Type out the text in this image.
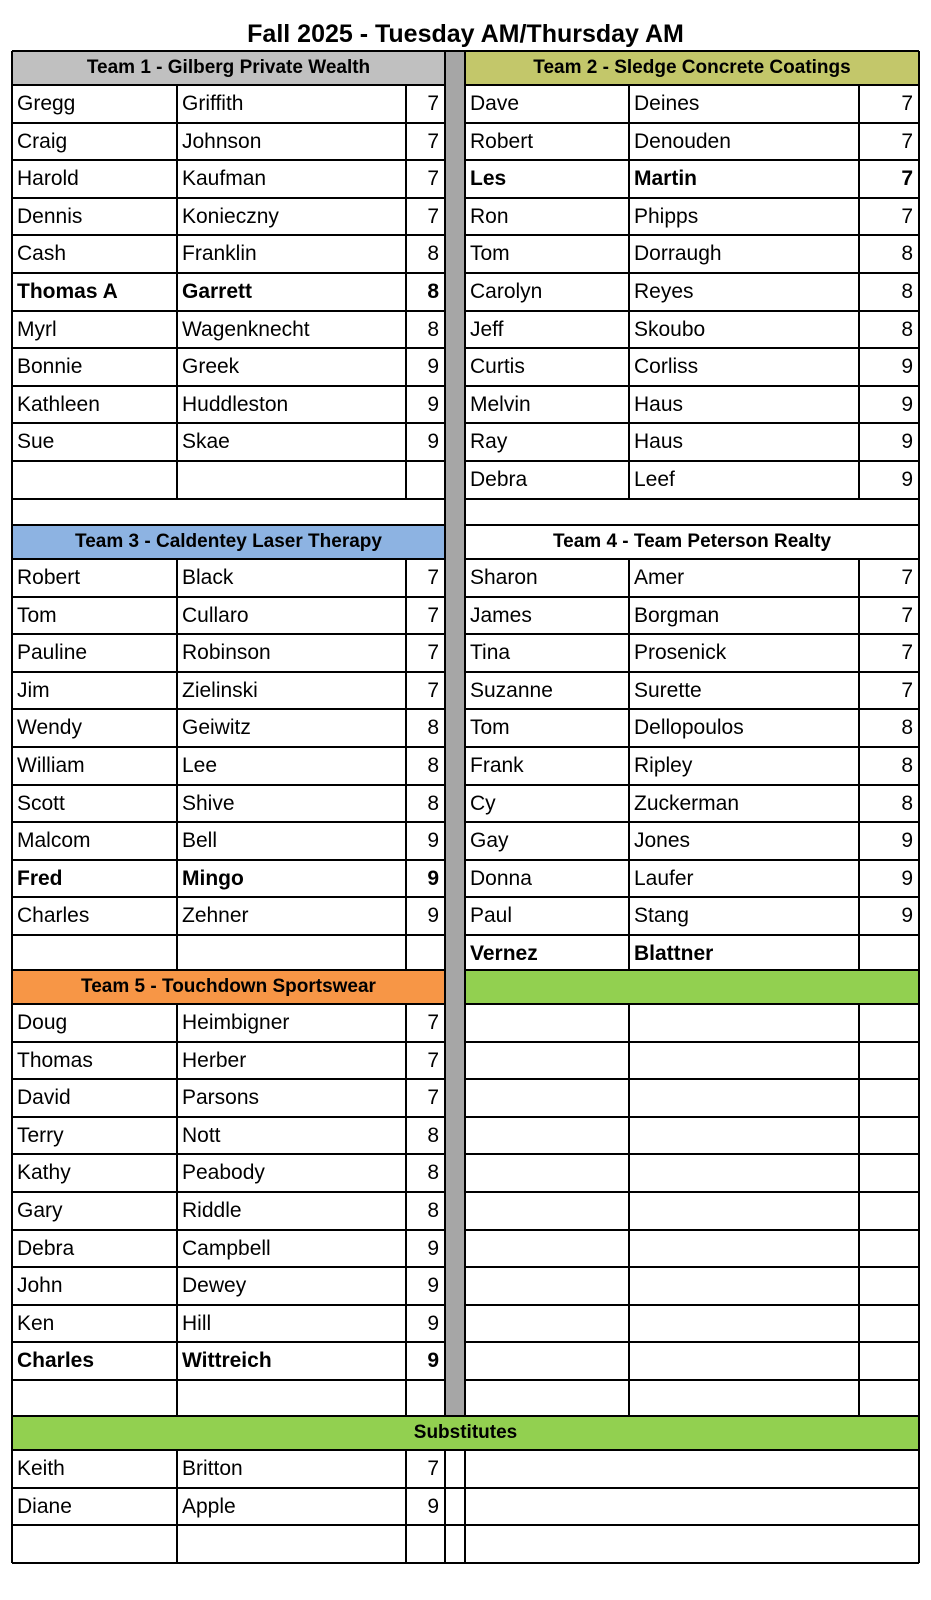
Fall 2025 - Tuesday AM/Thursday AM
Team 1 - Gilberg Private Wealth
Gregg	Griffith	7
Craig	Johnson	7
Harold	Kaufman	7
Dennis	Konieczny	7
Cash	Franklin	8
Thomas A	Garrett	8
Myrl	Wagenknecht	8
Bonnie	Greek	9
Kathleen	Huddleston	9
Sue	Skae	9
Team 2 - Sledge Concrete Coatings
Dave	Deines	7
Robert	Denouden	7
Les	Martin	7
Ron	Phipps	7
Tom	Dorraugh	8
Carolyn	Reyes	8
Jeff	Skoubo	8
Curtis	Corliss	9
Melvin	Haus	9
Ray	Haus	9
Debra	Leef	9
Team 3 - Caldentey Laser Therapy
Robert	Black	7
Tom	Cullaro	7
Pauline	Robinson	7
Jim	Zielinski	7
Wendy	Geiwitz	8
William	Lee	8
Scott	Shive	8
Malcom	Bell	9
Fred	Mingo	9
Charles	Zehner	9
Team 4 - Team Peterson Realty
Sharon	Amer	7
James	Borgman	7
Tina	Prosenick	7
Suzanne	Surette	7
Tom	Dellopoulos	8
Frank	Ripley	8
Cy	Zuckerman	8
Gay	Jones	9
Donna	Laufer	9
Paul	Stang	9
Vernez	Blattner
Team 5 - Touchdown Sportswear
Doug	Heimbigner	7
Thomas	Herber	7
David	Parsons	7
Terry	Nott	8
Kathy	Peabody	8
Gary	Riddle	8
Debra	Campbell	9
John	Dewey	9
Ken	Hill	9
Charles	Wittreich	9
Substitutes
Keith	Britton	7
Diane	Apple	9
